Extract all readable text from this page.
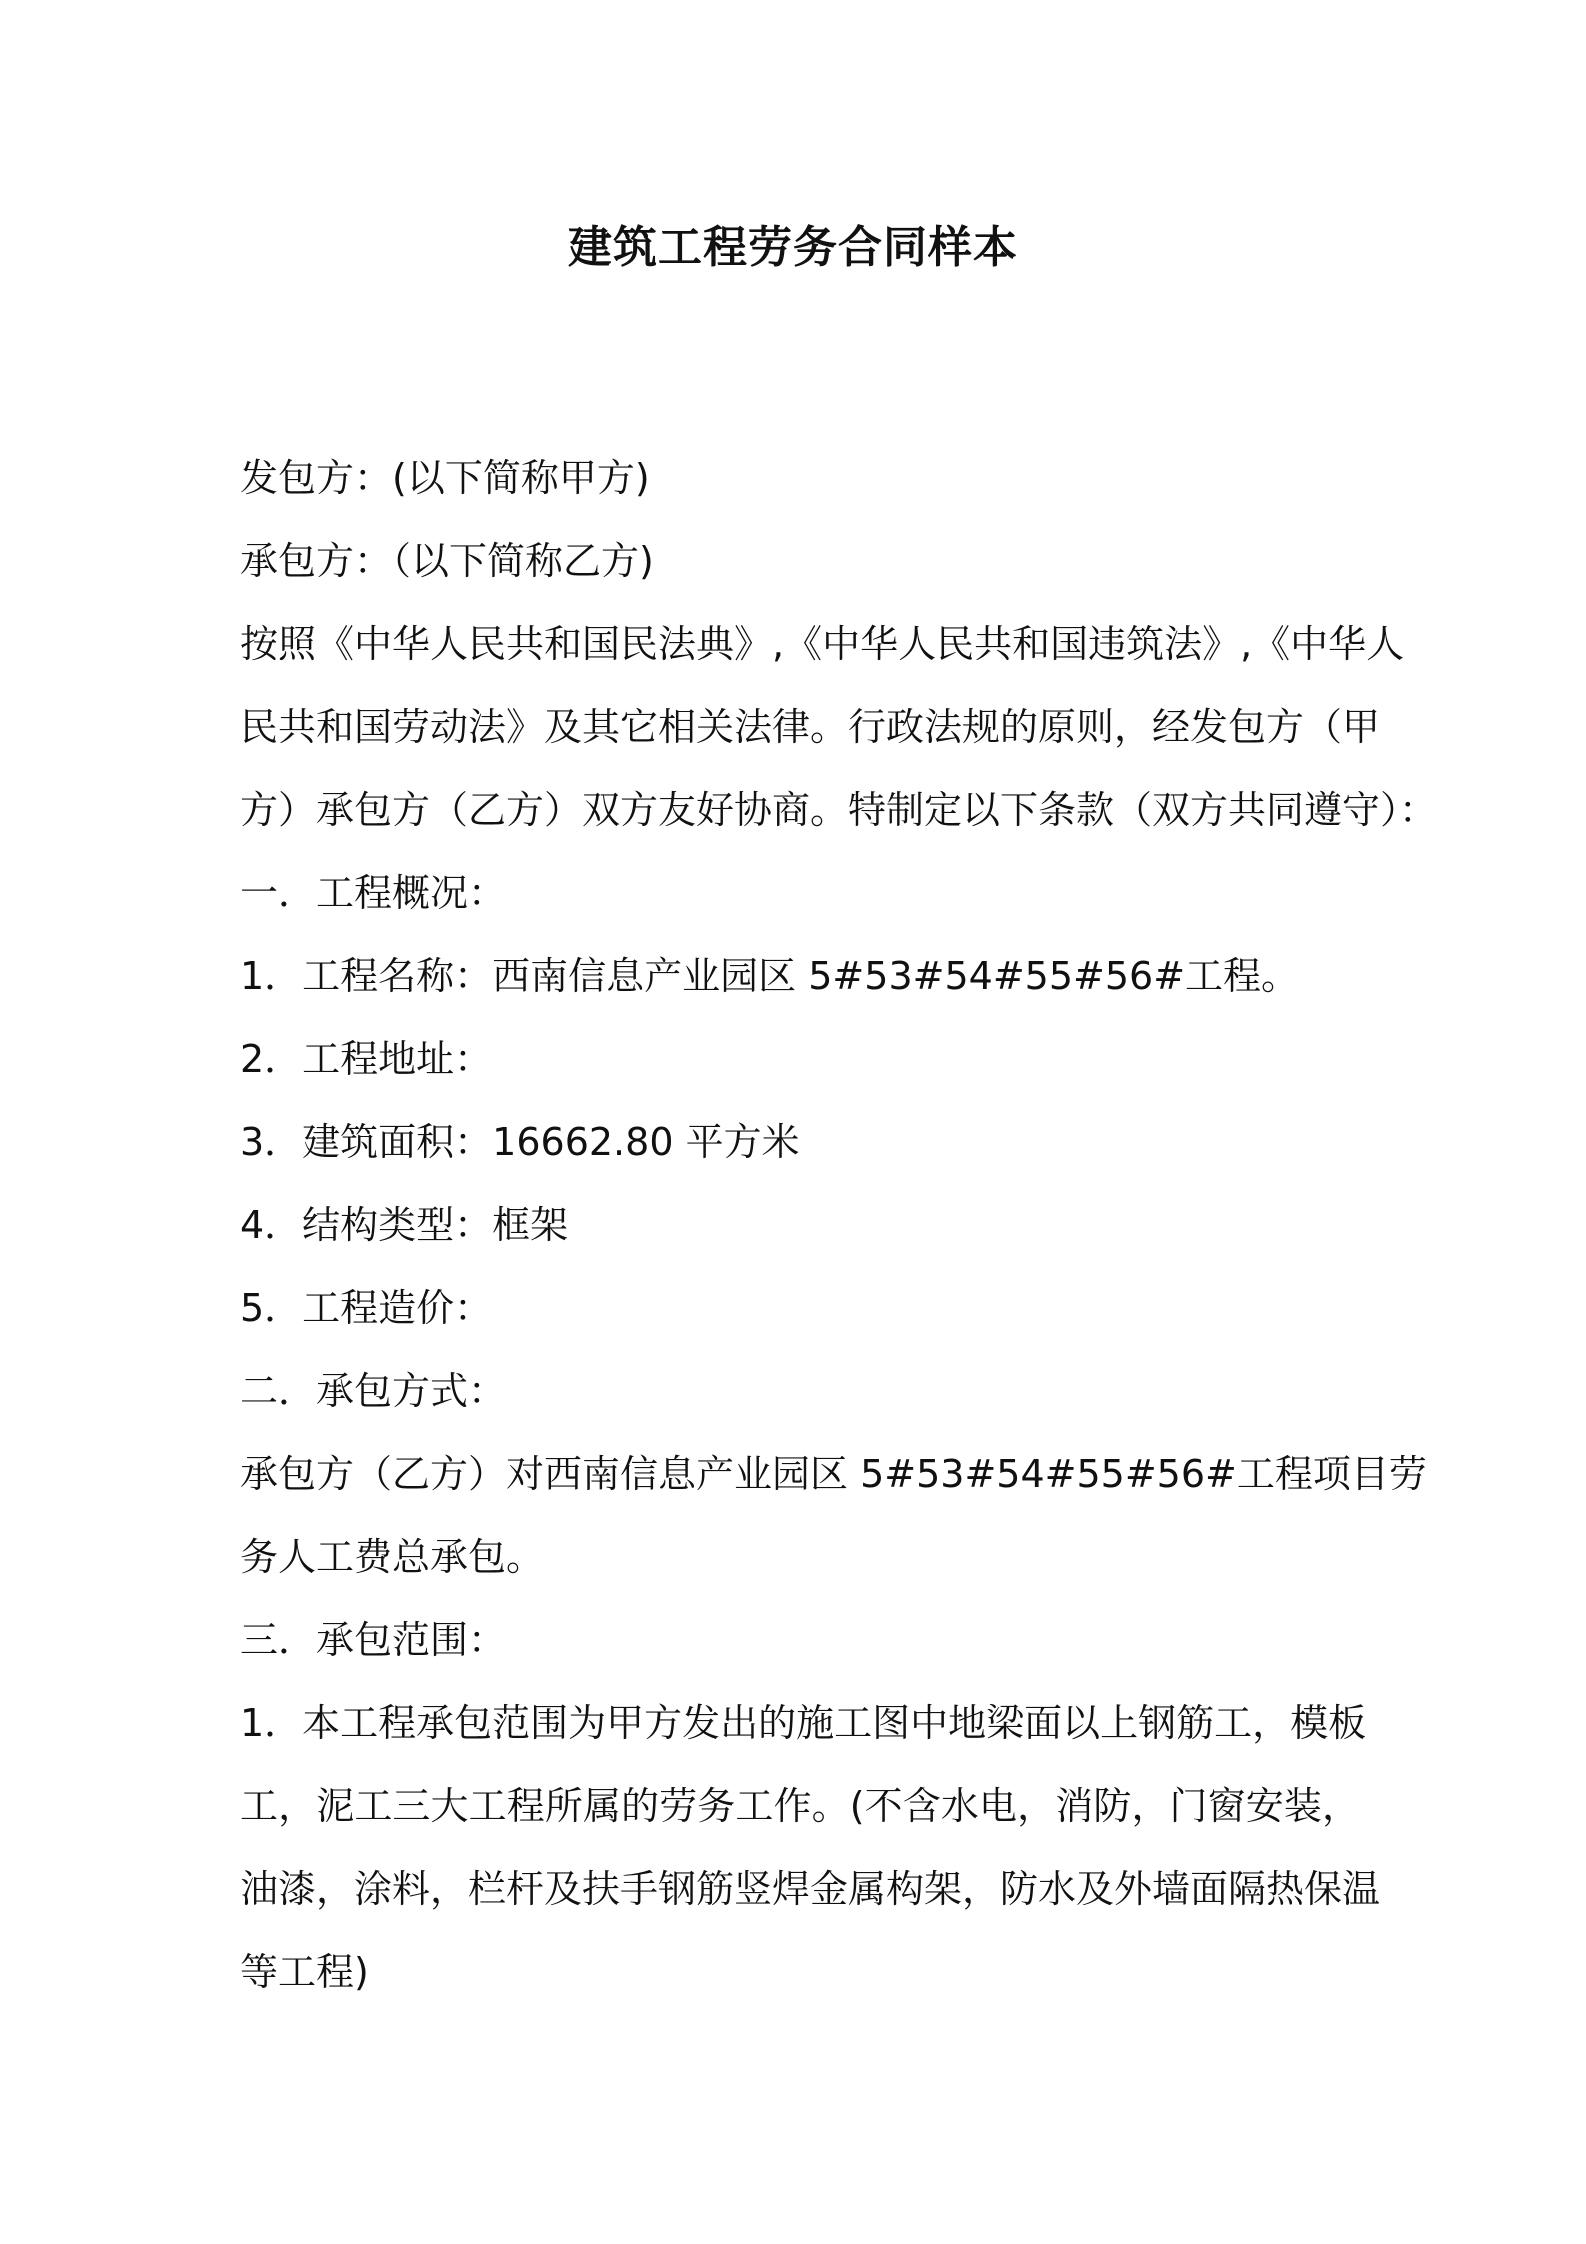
建筑工程劳务合同样本
发包方：(以下简称甲方)
承包方：（以下简称乙方)
按照《中华人民共和国民法典》,《中华人民共和国违筑法》,《中华人
民共和国劳动法》及其它相关法律。行政法规的原则，经发包方（甲
方）承包方（乙方）双方友好协商。特制定以下条款（双方共同遵守）：
一．工程概况：
1．工程名称：西南信息产业园区 5#53#54#55#56#工程。
2．工程地址：
3．建筑面积：16662.80 平方米
4．结构类型：框架
5．工程造价：
二．承包方式：
承包方（乙方）对西南信息产业园区 5#53#54#55#56#工程项目劳
务人工费总承包。
三．承包范围：
1．本工程承包范围为甲方发出的施工图中地梁面以上钢筋工，模板
工，泥工三大工程所属的劳务工作。(不含水电，消防，门窗安装，
油漆，涂料，栏杆及扶手钢筋竖焊金属构架，防水及外墙面隔热保温
等工程)
